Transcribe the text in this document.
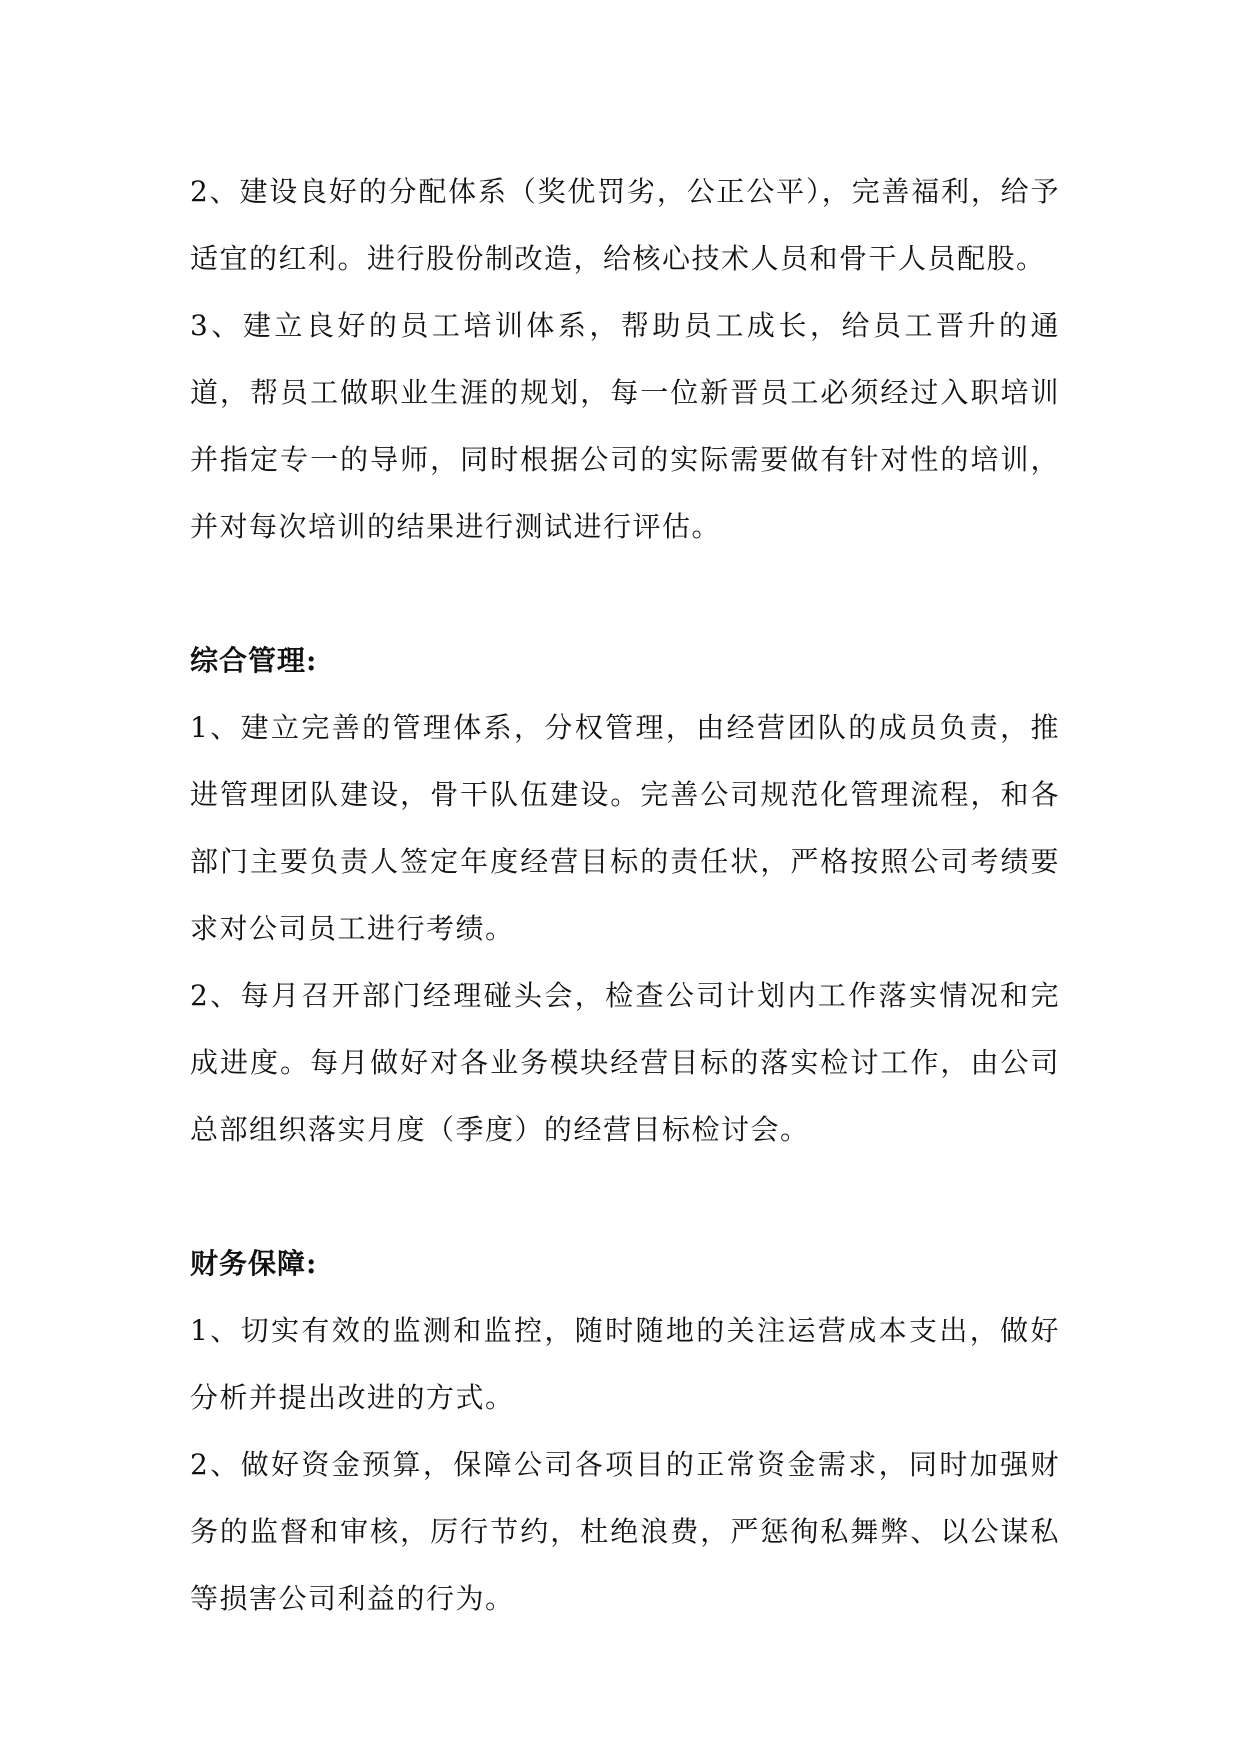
2、建设良好的分配体系（奖优罚劣，公正公平），完善福利，给予适宜的红利。进行股份制改造，给核心技术人员和骨干人员配股。

3、建立良好的员工培训体系，帮助员工成长，给员工晋升的通道，帮员工做职业生涯的规划，每一位新晋员工必须经过入职培训并指定专一的导师，同时根据公司的实际需要做有针对性的培训，并对每次培训的结果进行测试进行评估。

综合管理:

1、建立完善的管理体系，分权管理，由经营团队的成员负责，推进管理团队建设，骨干队伍建设。完善公司规范化管理流程，和各部门主要负责人签定年度经营目标的责任状，严格按照公司考绩要求对公司员工进行考绩。

2、每月召开部门经理碰头会，检查公司计划内工作落实情况和完成进度。每月做好对各业务模块经营目标的落实检讨工作，由公司总部组织落实月度（季度）的经营目标检讨会。

财务保障:

1、切实有效的监测和监控，随时随地的关注运营成本支出，做好分析并提出改进的方式。

2、做好资金预算，保障公司各项目的正常资金需求，同时加强财务的监督和审核，厉行节约，杜绝浪费，严惩徇私舞弊、以公谋私等损害公司利益的行为。
